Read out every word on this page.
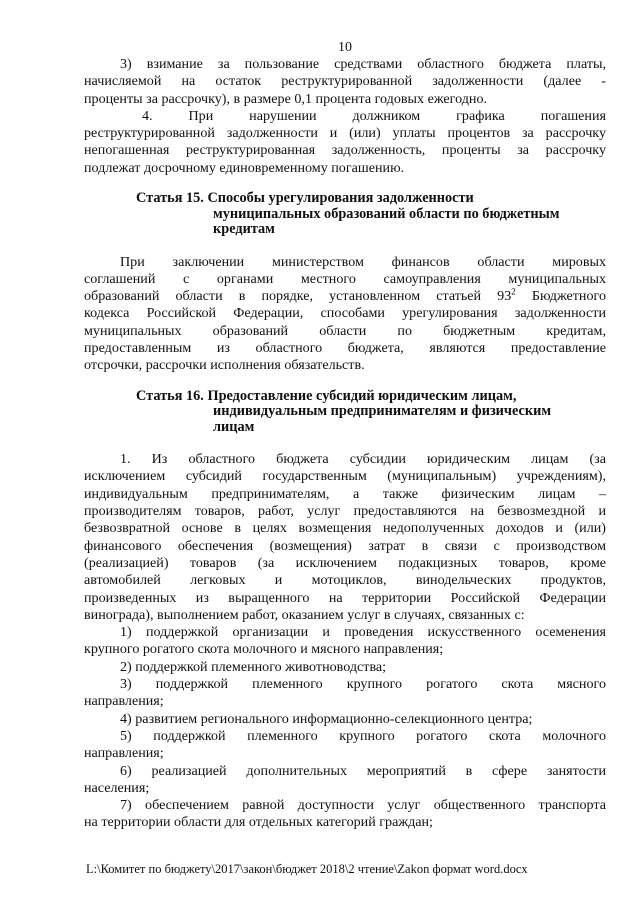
10
3) взимание за пользование средствами областного бюджета платы,
начисляемой на остаток реструктурированной задолженности (далее -
проценты за рассрочку), в размере 0,1 процента годовых ежегодно.
4. При нарушении должником графика погашения
реструктурированной задолженности и (или) уплаты процентов за рассрочку
непогашенная реструктурированная задолженность, проценты за рассрочку
подлежат досрочному единовременному погашению.
Статья 15. Способы урегулирования задолженности
муниципальных образований области по бюджетным
кредитам
При заключении министерством финансов области мировых
соглашений с органами местного самоуправления муниципальных
образований области в порядке, установленном статьей $93^2$ Бюджетного
кодекса Российской Федерации, способами урегулирования задолженности
муниципальных образований области по бюджетным кредитам,
предоставленным из областного бюджета, являются предоставление
отсрочки, рассрочки исполнения обязательств.
Статья 16. Предоставление субсидий юридическим лицам,
индивидуальным предпринимателям и физическим
лицам
1. Из областного бюджета субсидии юридическим лицам (за
исключением субсидий государственным (муниципальным) учреждениям),
индивидуальным предпринимателям, а также физическим лицам –
производителям товаров, работ, услуг предоставляются на безвозмездной и
безвозвратной основе в целях возмещения недополученных доходов и (или)
финансового обеспечения (возмещения) затрат в связи с производством
(реализацией) товаров (за исключением подакцизных товаров, кроме
автомобилей легковых и мотоциклов, винодельческих продуктов,
произведенных из выращенного на территории Российской Федерации
винограда), выполнением работ, оказанием услуг в случаях, связанных с:
1) поддержкой организации и проведения искусственного осеменения
крупного рогатого скота молочного и мясного направления;
2) поддержкой племенного животноводства;
3) поддержкой племенного крупного рогатого скота мясного
направления;
4) развитием регионального информационно-селекционного центра;
5) поддержкой племенного крупного рогатого скота молочного
направления;
6) реализацией дополнительных мероприятий в сфере занятости
населения;
7) обеспечением равной доступности услуг общественного транспорта
на территории области для отдельных категорий граждан;
L:\Комитет по бюджету\2017\закон\бюджет 2018\2 чтение\Zakon формат word.docx
